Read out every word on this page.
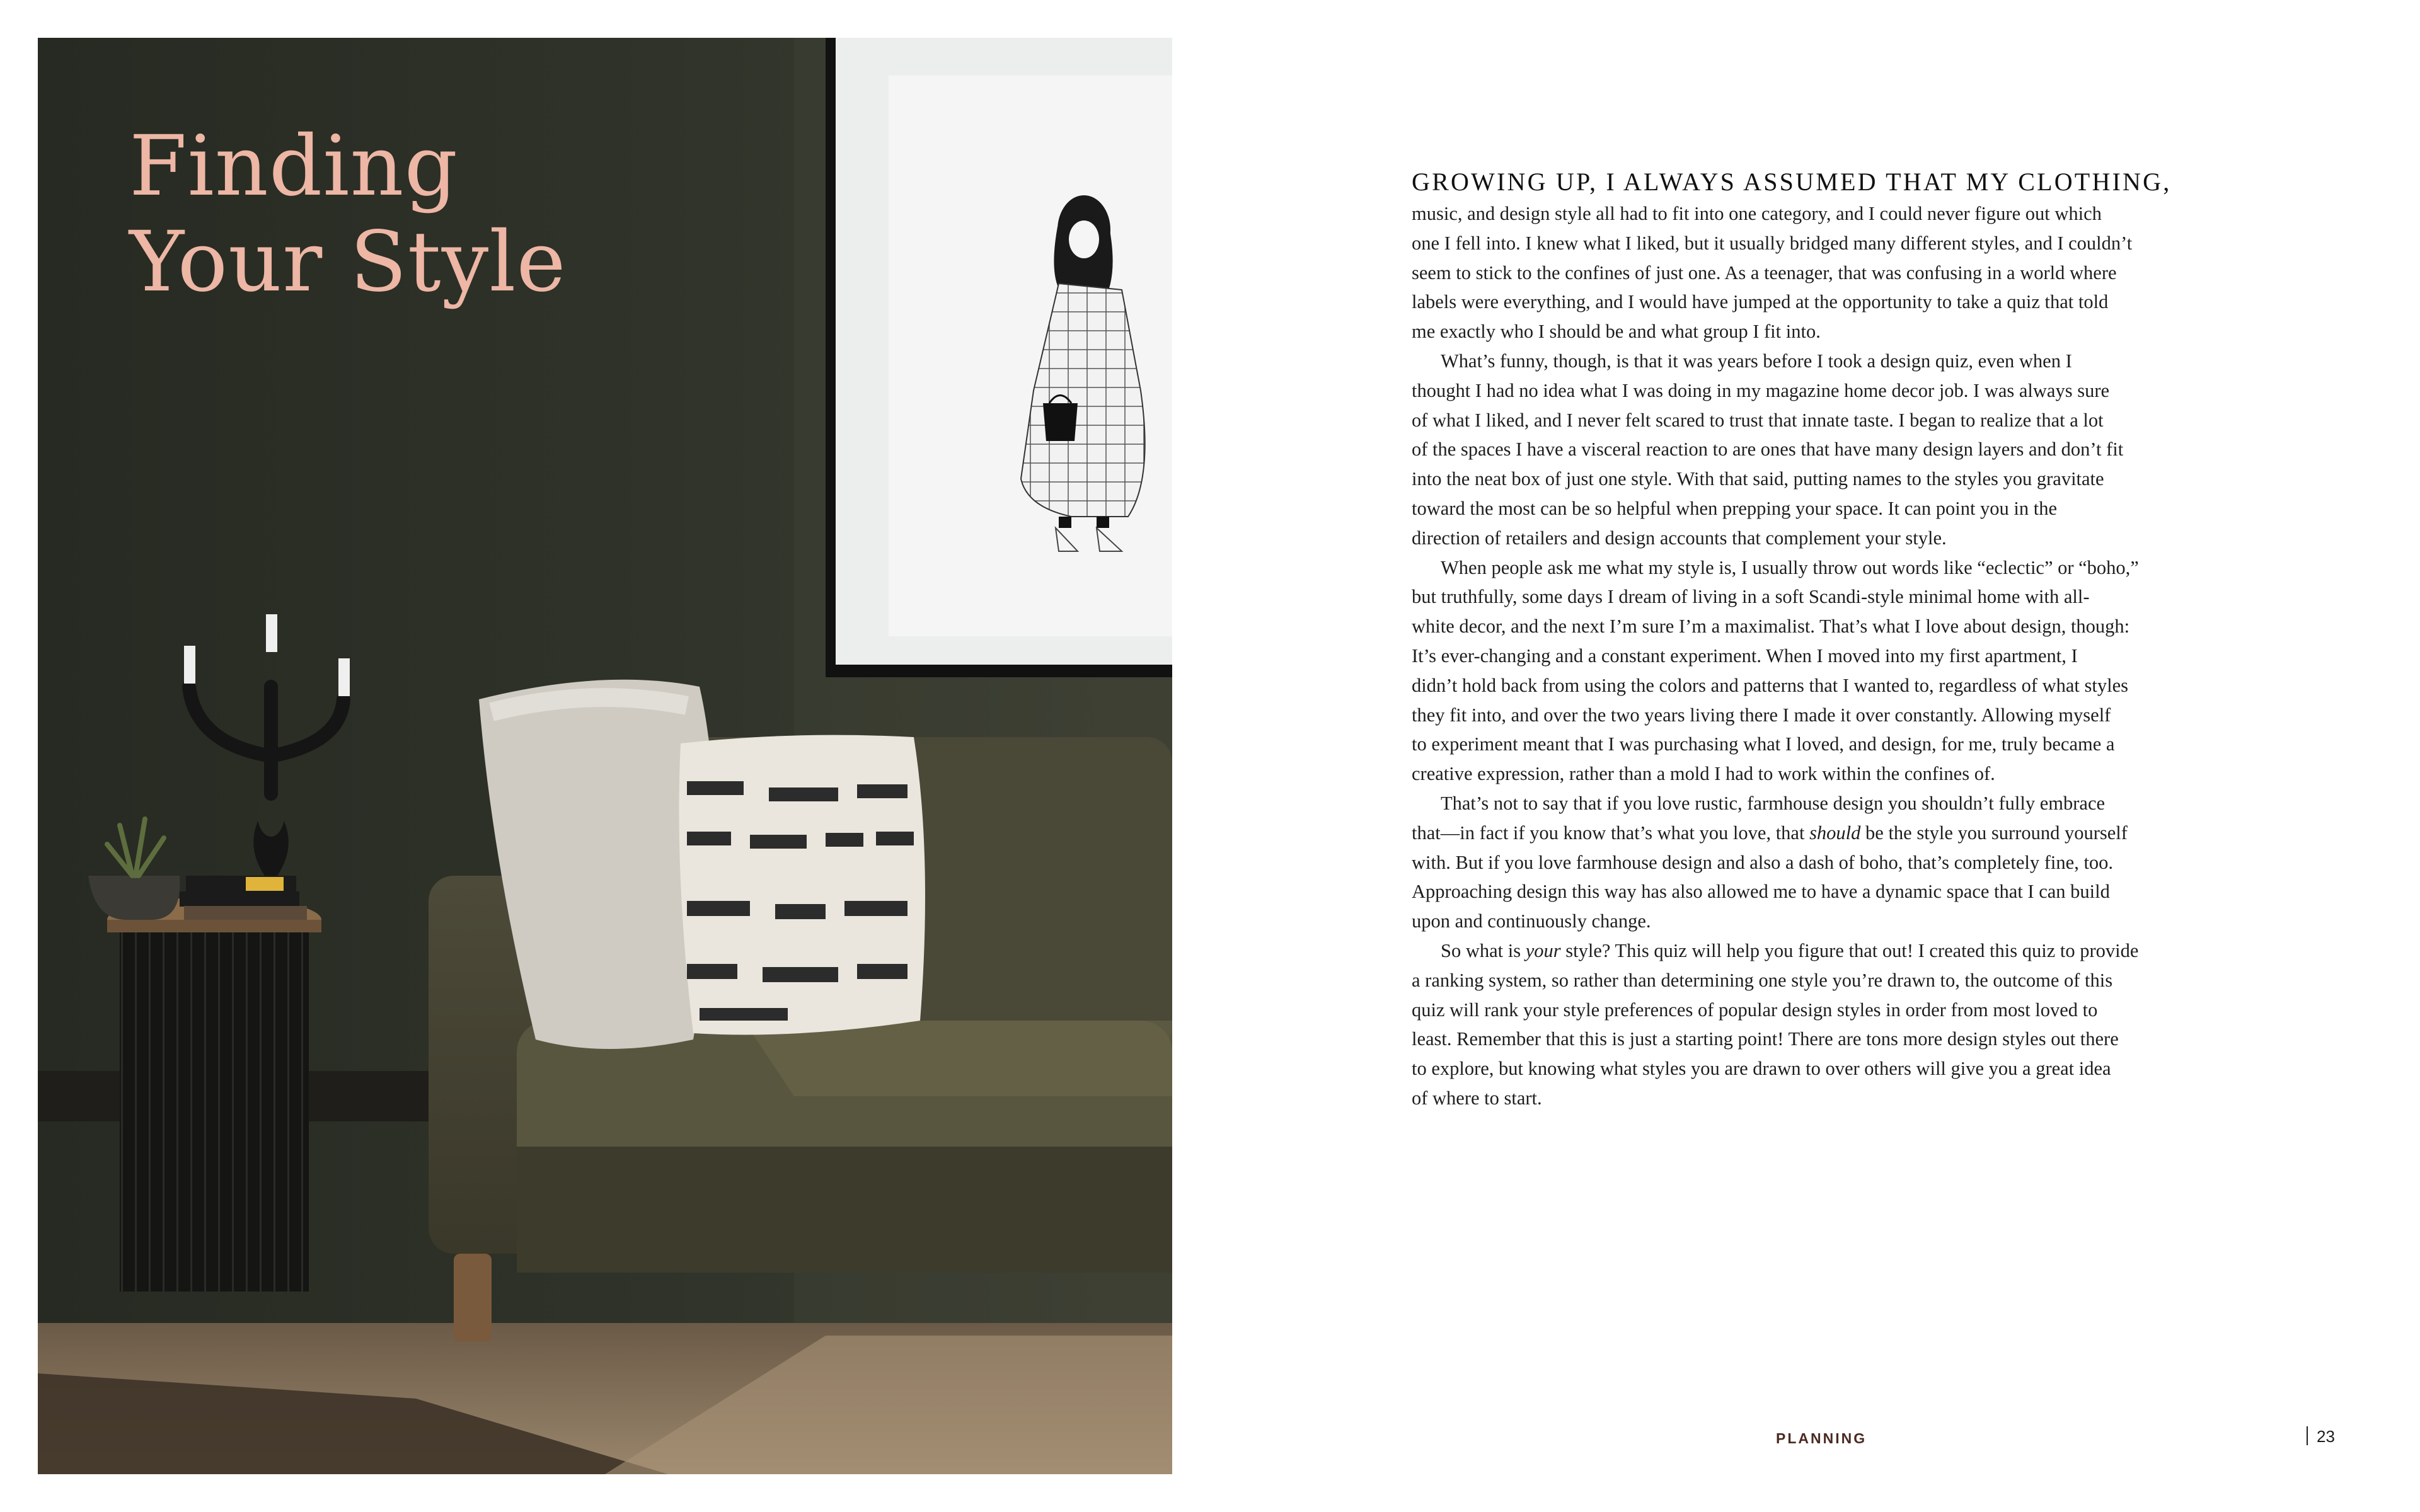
Finding
Your Style

GROWING UP, I ALWAYS ASSUMED THAT MY CLOTHING,

music, and design style all had to fit into one category, and I could never figure out which
one I fell into. I knew what I liked, but it usually bridged many different styles, and I couldn’t
seem to stick to the confines of just one. As a teenager, that was confusing in a world where
labels were everything, and I would have jumped at the opportunity to take a quiz that told
me exactly who I should be and what group I fit into.

What’s funny, though, is that it was years before I took a design quiz, even when I
thought I had no idea what I was doing in my magazine home decor job. I was always sure
of what I liked, and I never felt scared to trust that innate taste. I began to realize that a lot
of the spaces I have a visceral reaction to are ones that have many design layers and don’t fit
into the neat box of just one style. With that said, putting names to the styles you gravitate
toward the most can be so helpful when prepping your space. It can point you in the
direction of retailers and design accounts that complement your style.

When people ask me what my style is, I usually throw out words like “eclectic” or “boho,”
but truthfully, some days I dream of living in a soft Scandi-style minimal home with all-
white decor, and the next I’m sure I’m a maximalist. That’s what I love about design, though:
It’s ever-changing and a constant experiment. When I moved into my first apartment, I
didn’t hold back from using the colors and patterns that I wanted to, regardless of what styles
they fit into, and over the two years living there I made it over constantly. Allowing myself
to experiment meant that I was purchasing what I loved, and design, for me, truly became a
creative expression, rather than a mold I had to work within the confines of.

That’s not to say that if you love rustic, farmhouse design you shouldn’t fully embrace
that—in fact if you know that’s what you love, that should be the style you surround yourself
with. But if you love farmhouse design and also a dash of boho, that’s completely fine, too.
Approaching design this way has also allowed me to have a dynamic space that I can build
upon and continuously change.

So what is your style? This quiz will help you figure that out! I created this quiz to provide
a ranking system, so rather than determining one style you’re drawn to, the outcome of this
quiz will rank your style preferences of popular design styles in order from most loved to
least. Remember that this is just a starting point! There are tons more design styles out there
to explore, but knowing what styles you are drawn to over others will give you a great idea
of where to start.

PLANNING	23
